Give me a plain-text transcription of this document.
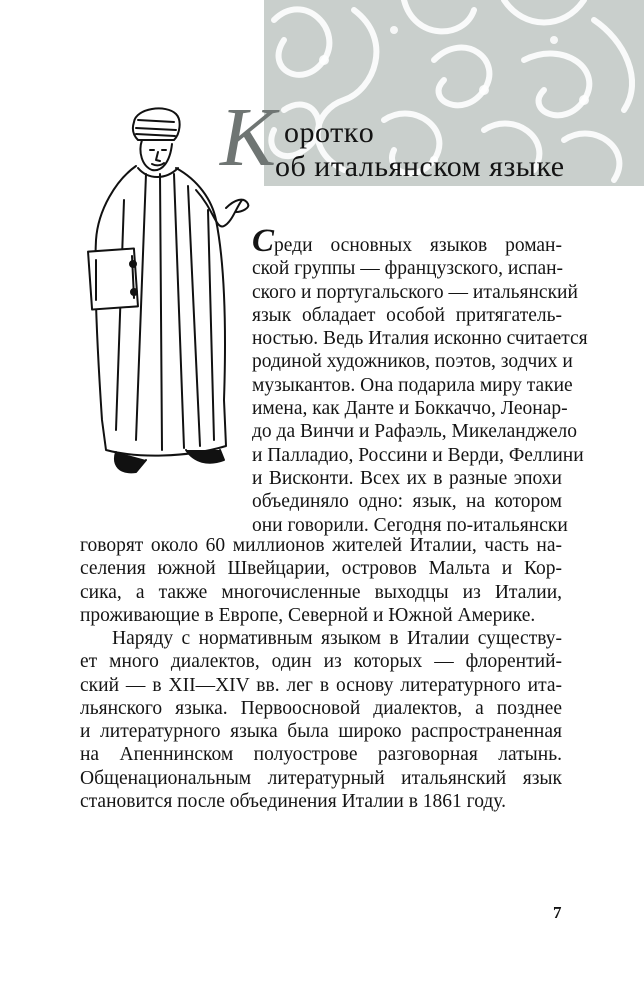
К ороткo
об итальянском языке
Среди основных языков роман-
ской группы — французского, испан-
ского и португальского — итальянский
язык обладает особой притягатель-
ностью. Ведь Италия исконно считается
родиной художников, поэтов, зодчих и
музыкантов. Она подарила миру такие
имена, как Данте и Боккаччо, Леонар-
до да Винчи и Рафаэль, Микеланджело
и Палладио, Россини и Верди, Феллини
и Висконти. Всех их в разные эпохи
объединяло одно: язык, на котором
они говорили. Сегодня по-итальянски
говорят около 60 миллионов жителей Италии, часть на-
селения южной Швейцарии, островов Мальта и Кор-
сика, а также многочисленные выходцы из Италии,
проживающие в Европе, Северной и Южной Америке.
Наряду с нормативным языком в Италии существу-
ет много диалектов, один из которых — флорентий-
ский — в XII—XIV вв. лег в основу литературного ита-
льянского языка. Первоосновой диалектов, а позднее
и литературного языка была широко распространенная
на Апеннинском полуострове разговорная латынь.
Общенациональным литературный итальянский язык
становится после объединения Италии в 1861 году.
7
